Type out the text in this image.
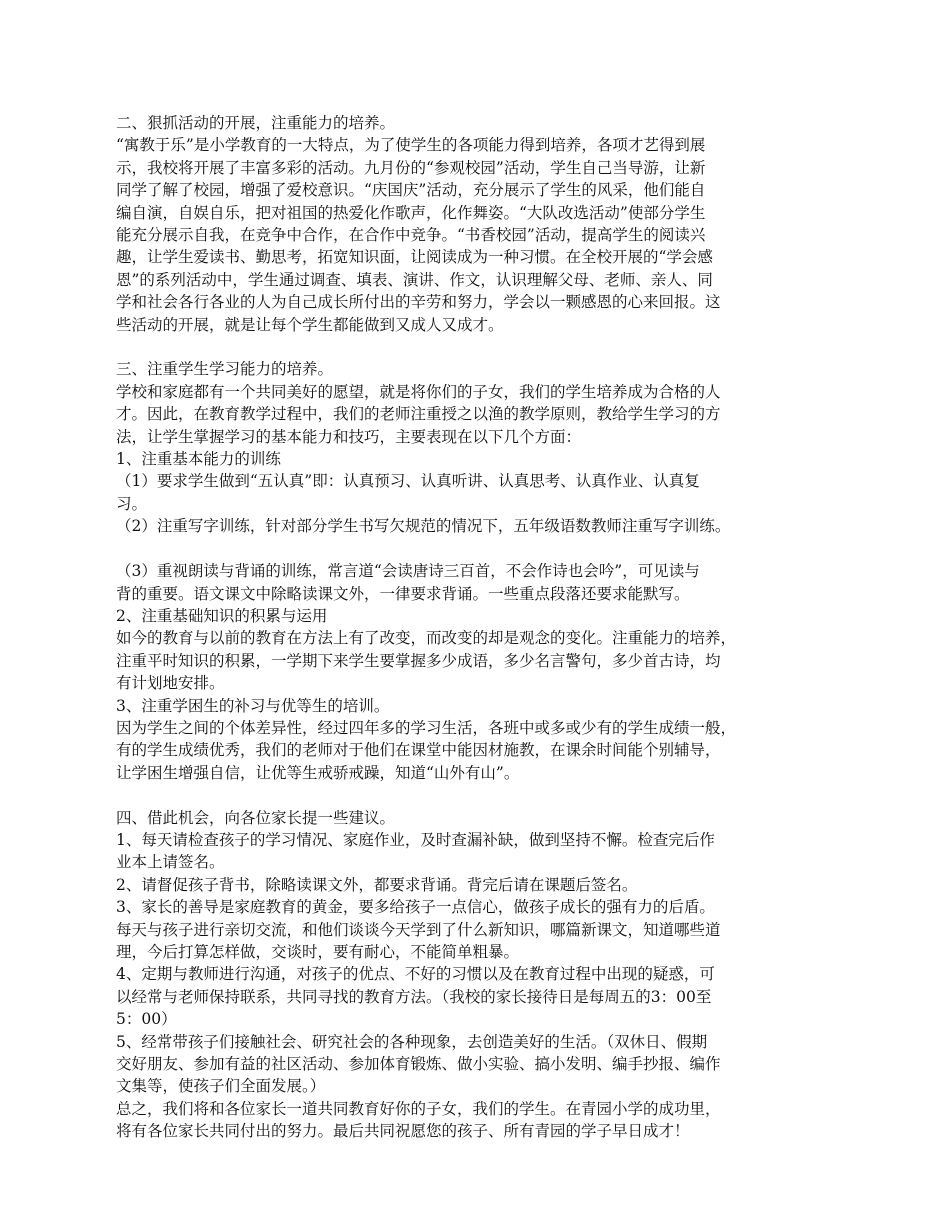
二、狠抓活动的开展，注重能力的培养。

“寓教于乐”是小学教育的一大特点，为了使学生的各项能力得到培养，各项才艺得到展

示，我校将开展了丰富多彩的活动。九月份的“参观校园”活动，学生自己当导游，让新

同学了解了校园，增强了爱校意识。“庆国庆”活动，充分展示了学生的风采，他们能自

编自演，自娱自乐，把对祖国的热爱化作歌声，化作舞姿。“大队改选活动”使部分学生

能充分展示自我，在竞争中合作，在合作中竞争。“书香校园”活动，提高学生的阅读兴

趣，让学生爱读书、勤思考，拓宽知识面，让阅读成为一种习惯。在全校开展的“学会感

恩”的系列活动中，学生通过调查、填表、演讲、作文，认识理解父母、老师、亲人、同

学和社会各行各业的人为自己成长所付出的辛劳和努力，学会以一颗感恩的心来回报。这

些活动的开展，就是让每个学生都能做到又成人又成才。

三、注重学生学习能力的培养。

学校和家庭都有一个共同美好的愿望，就是将你们的子女，我们的学生培养成为合格的人

才。因此，在教育教学过程中，我们的老师注重授之以渔的教学原则，教给学生学习的方

法，让学生掌握学习的基本能力和技巧，主要表现在以下几个方面：

1、注重基本能力的训练

（1）要求学生做到“五认真”即：认真预习、认真听讲、认真思考、认真作业、认真复

习。

（2）注重写字训练，针对部分学生书写欠规范的情况下，五年级语数教师注重写字训练。

（3）重视朗读与背诵的训练，常言道“会读唐诗三百首，不会作诗也会吟”，可见读与

背的重要。语文课文中除略读课文外，一律要求背诵。一些重点段落还要求能默写。

2、注重基础知识的积累与运用

如今的教育与以前的教育在方法上有了改变，而改变的却是观念的变化。注重能力的培养，

注重平时知识的积累，一学期下来学生要掌握多少成语，多少名言警句，多少首古诗，均

有计划地安排。

3、注重学困生的补习与优等生的培训。

因为学生之间的个体差异性，经过四年多的学习生活，各班中或多或少有的学生成绩一般，

有的学生成绩优秀，我们的老师对于他们在课堂中能因材施教，在课余时间能个别辅导，

让学困生增强自信，让优等生戒骄戒躁，知道“山外有山”。

四、借此机会，向各位家长提一些建议。

1、每天请检查孩子的学习情况、家庭作业，及时查漏补缺，做到坚持不懈。检查完后作

业本上请签名。

2、请督促孩子背书，除略读课文外，都要求背诵。背完后请在课题后签名。

3、家长的善导是家庭教育的黄金，要多给孩子一点信心，做孩子成长的强有力的后盾。

每天与孩子进行亲切交流，和他们谈谈今天学到了什么新知识，哪篇新课文，知道哪些道

理，今后打算怎样做，交谈时，要有耐心，不能简单粗暴。

4、定期与教师进行沟通，对孩子的优点、不好的习惯以及在教育过程中出现的疑惑，可

以经常与老师保持联系，共同寻找的教育方法。（我校的家长接待日是每周五的3：00至

5：00）

5、经常带孩子们接触社会、研究社会的各种现象，去创造美好的生活。（双休日、假期

交好朋友、参加有益的社区活动、参加体育锻炼、做小实验、搞小发明、编手抄报、编作

文集等，使孩子们全面发展。）

总之，我们将和各位家长一道共同教育好你的子女，我们的学生。在青园小学的成功里，

将有各位家长共同付出的努力。最后共同祝愿您的孩子、所有青园的学子早日成才！
